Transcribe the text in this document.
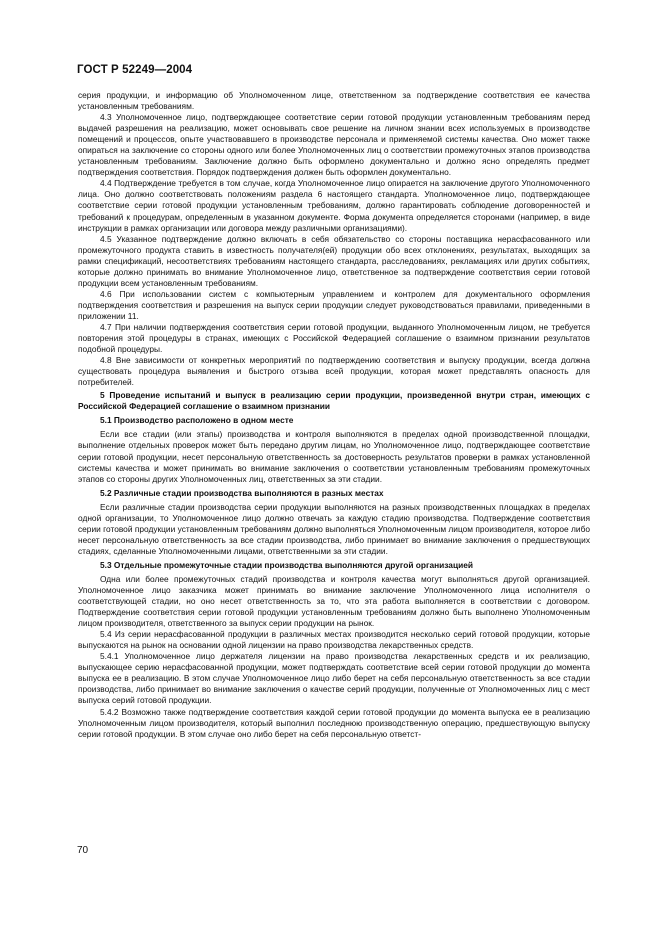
ГОСТ Р 52249—2004

серия продукции, и информацию об Уполномоченном лице, ответственном за подтверждение соответствия ее качества установленным требованиям.

4.3 Уполномоченное лицо, подтверждающее соответствие серии готовой продукции установленным требованиям перед выдачей разрешения на реализацию, может основывать свое решение на личном знании всех используемых в производстве помещений и процессов, опыте участвовавшего в производстве персонала и применяемой системы качества. Оно может также опираться на заключение со стороны одного или более Уполномоченных лиц о соответствии промежуточных этапов производства установленным требованиям. Заключение должно быть оформлено документально и должно ясно определять предмет подтверждения соответствия. Порядок подтверждения должен быть оформлен документально.

4.4 Подтверждение требуется в том случае, когда Уполномоченное лицо опирается на заключение другого Уполномоченного лица. Оно должно соответствовать положениям раздела 6 настоящего стандарта. Уполномоченное лицо, подтверждающее соответствие серии готовой продукции установленным требованиям, должно гарантировать соблюдение договоренностей и требований к процедурам, определенным в указанном документе. Форма документа определяется сторонами (например, в виде инструкции в рамках организации или договора между различными организациями).

4.5 Указанное подтверждение должно включать в себя обязательство со стороны поставщика нерасфасованного или промежуточного продукта ставить в известность получателя(ей) продукции обо всех отклонениях, результатах, выходящих за рамки спецификаций, несоответствиях требованиям настоящего стандарта, расследованиях, рекламациях или других событиях, которые должно принимать во внимание Уполномоченное лицо, ответственное за подтверждение соответствия серии готовой продукции всем установленным требованиям.

4.6 При использовании систем с компьютерным управлением и контролем для документального оформления подтверждения соответствия и разрешения на выпуск серии продукции следует руководствоваться правилами, приведенными в приложении 11.

4.7 При наличии подтверждения соответствия серии готовой продукции, выданного Уполномоченным лицом, не требуется повторения этой процедуры в странах, имеющих с Российской Федерацией соглашение о взаимном признании результатов подобной процедуры.

4.8 Вне зависимости от конкретных мероприятий по подтверждению соответствия и выпуску продукции, всегда должна существовать процедура выявления и быстрого отзыва всей продукции, которая может представлять опасность для потребителей.

5 Проведение испытаний и выпуск в реализацию серии продукции, произведенной внутри стран, имеющих с Российской Федерацией соглашение о взаимном признании
5.1 Производство расположено в одном месте

Если все стадии (или этапы) производства и контроля выполняются в пределах одной производственной площадки, выполнение отдельных проверок может быть передано другим лицам, но Уполномоченное лицо, подтверждающее соответствие серии готовой продукции, несет персональную ответственность за достоверность результатов проверки в рамках установленной системы качества и может принимать во внимание заключения о соответствии установленным требованиям промежуточных этапов со стороны других Уполномоченных лиц, ответственных за эти стадии.

5.2 Различные стадии производства выполняются в разных местах

Если различные стадии производства серии продукции выполняются на разных производственных площадках в пределах одной организации, то Уполномоченное лицо должно отвечать за каждую стадию производства. Подтверждение соответствия серии готовой продукции установленным требованиям должно выполняться Уполномоченным лицом производителя, которое либо несет персональную ответственность за все стадии производства, либо принимает во внимание заключения о предшествующих стадиях, сделанные Уполномоченными лицами, ответственными за эти стадии.

5.3 Отдельные промежуточные стадии производства выполняются другой организацией

Одна или более промежуточных стадий производства и контроля качества могут выполняться другой организацией. Уполномоченное лицо заказчика может принимать во внимание заключение Уполномоченного лица исполнителя о соответствующей стадии, но оно несет ответственность за то, что эта работа выполняется в соответствии с договором. Подтверждение соответствия серии готовой продукции установленным требованиям должно быть выполнено Уполномоченным лицом производителя, ответственного за выпуск серии продукции на рынок.

5.4 Из серии нерасфасованной продукции в различных местах производится несколько серий готовой продукции, которые выпускаются на рынок на основании одной лицензии на право производства лекарственных средств.

5.4.1 Уполномоченное лицо держателя лицензии на право производства лекарственных средств и их реализацию, выпускающее серию нерасфасованной продукции, может подтверждать соответствие всей серии готовой продукции до момента выпуска ее в реализацию. В этом случае Уполномоченное лицо либо берет на себя персональную ответственность за все стадии производства, либо принимает во внимание заключения о качестве серий продукции, полученные от Уполномоченных лиц с мест выпуска серий готовой продукции.

5.4.2 Возможно также подтверждение соответствия каждой серии готовой продукции до момента выпуска ее в реализацию Уполномоченным лицом производителя, который выполнил последнюю производственную операцию, предшествующую выпуску серии готовой продукции. В этом случае оно либо берет на себя персональную ответст-

70
